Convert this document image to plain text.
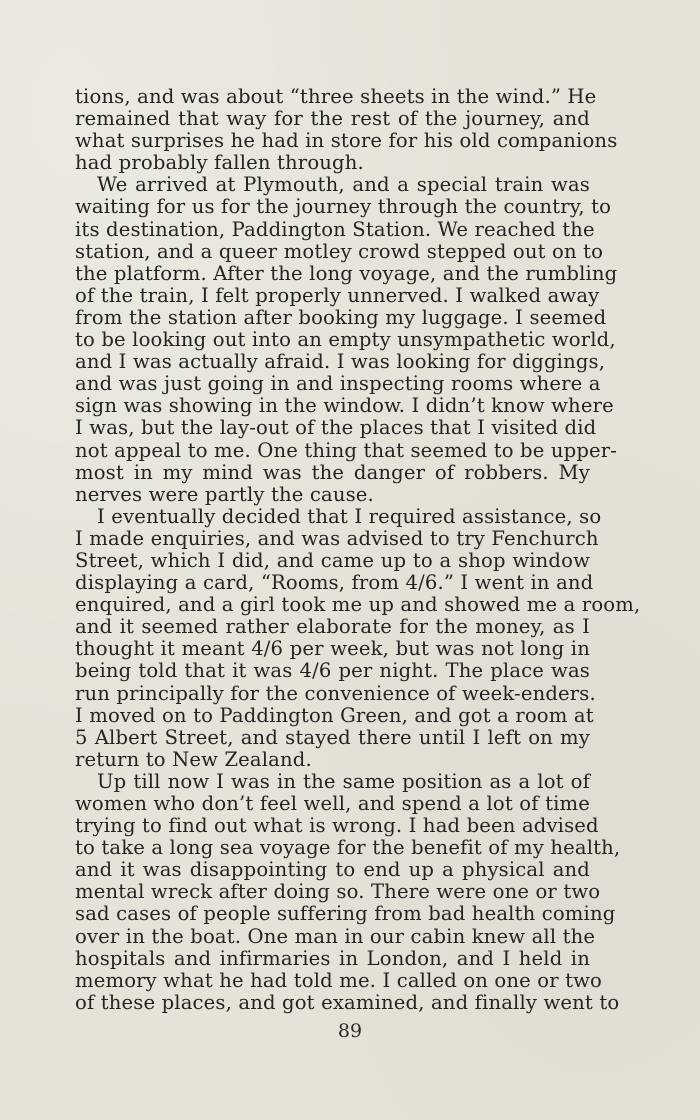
tions, and was about “three sheets in the wind.” He
remained that way for the rest of the journey, and
what surprises he had in store for his old companions
had probably fallen through.
We arrived at Plymouth, and a special train was
waiting for us for the journey through the country, to
its destination, Paddington Station. We reached the
station, and a queer motley crowd stepped out on to
the platform. After the long voyage, and the rumbling
of the train, I felt properly unnerved. I walked away
from the station after booking my luggage. I seemed
to be looking out into an empty unsympathetic world,
and I was actually afraid. I was looking for diggings,
and was just going in and inspecting rooms where a
sign was showing in the window. I didn’t know where
I was, but the lay-out of the places that I visited did
not appeal to me. One thing that seemed to be upper-
most in my mind was the danger of robbers. My
nerves were partly the cause.
I eventually decided that I required assistance, so
I made enquiries, and was advised to try Fenchurch
Street, which I did, and came up to a shop window
displaying a card, “Rooms, from 4/6.” I went in and
enquired, and a girl took me up and showed me a room,
and it seemed rather elaborate for the money, as I
thought it meant 4/6 per week, but was not long in
being told that it was 4/6 per night. The place was
run principally for the convenience of week-enders.
I moved on to Paddington Green, and got a room at
5 Albert Street, and stayed there until I left on my
return to New Zealand.
Up till now I was in the same position as a lot of
women who don’t feel well, and spend a lot of time
trying to find out what is wrong. I had been advised
to take a long sea voyage for the benefit of my health,
and it was disappointing to end up a physical and
mental wreck after doing so. There were one or two
sad cases of people suffering from bad health coming
over in the boat. One man in our cabin knew all the
hospitals and infirmaries in London, and I held in
memory what he had told me. I called on one or two
of these places, and got examined, and finally went to
89
